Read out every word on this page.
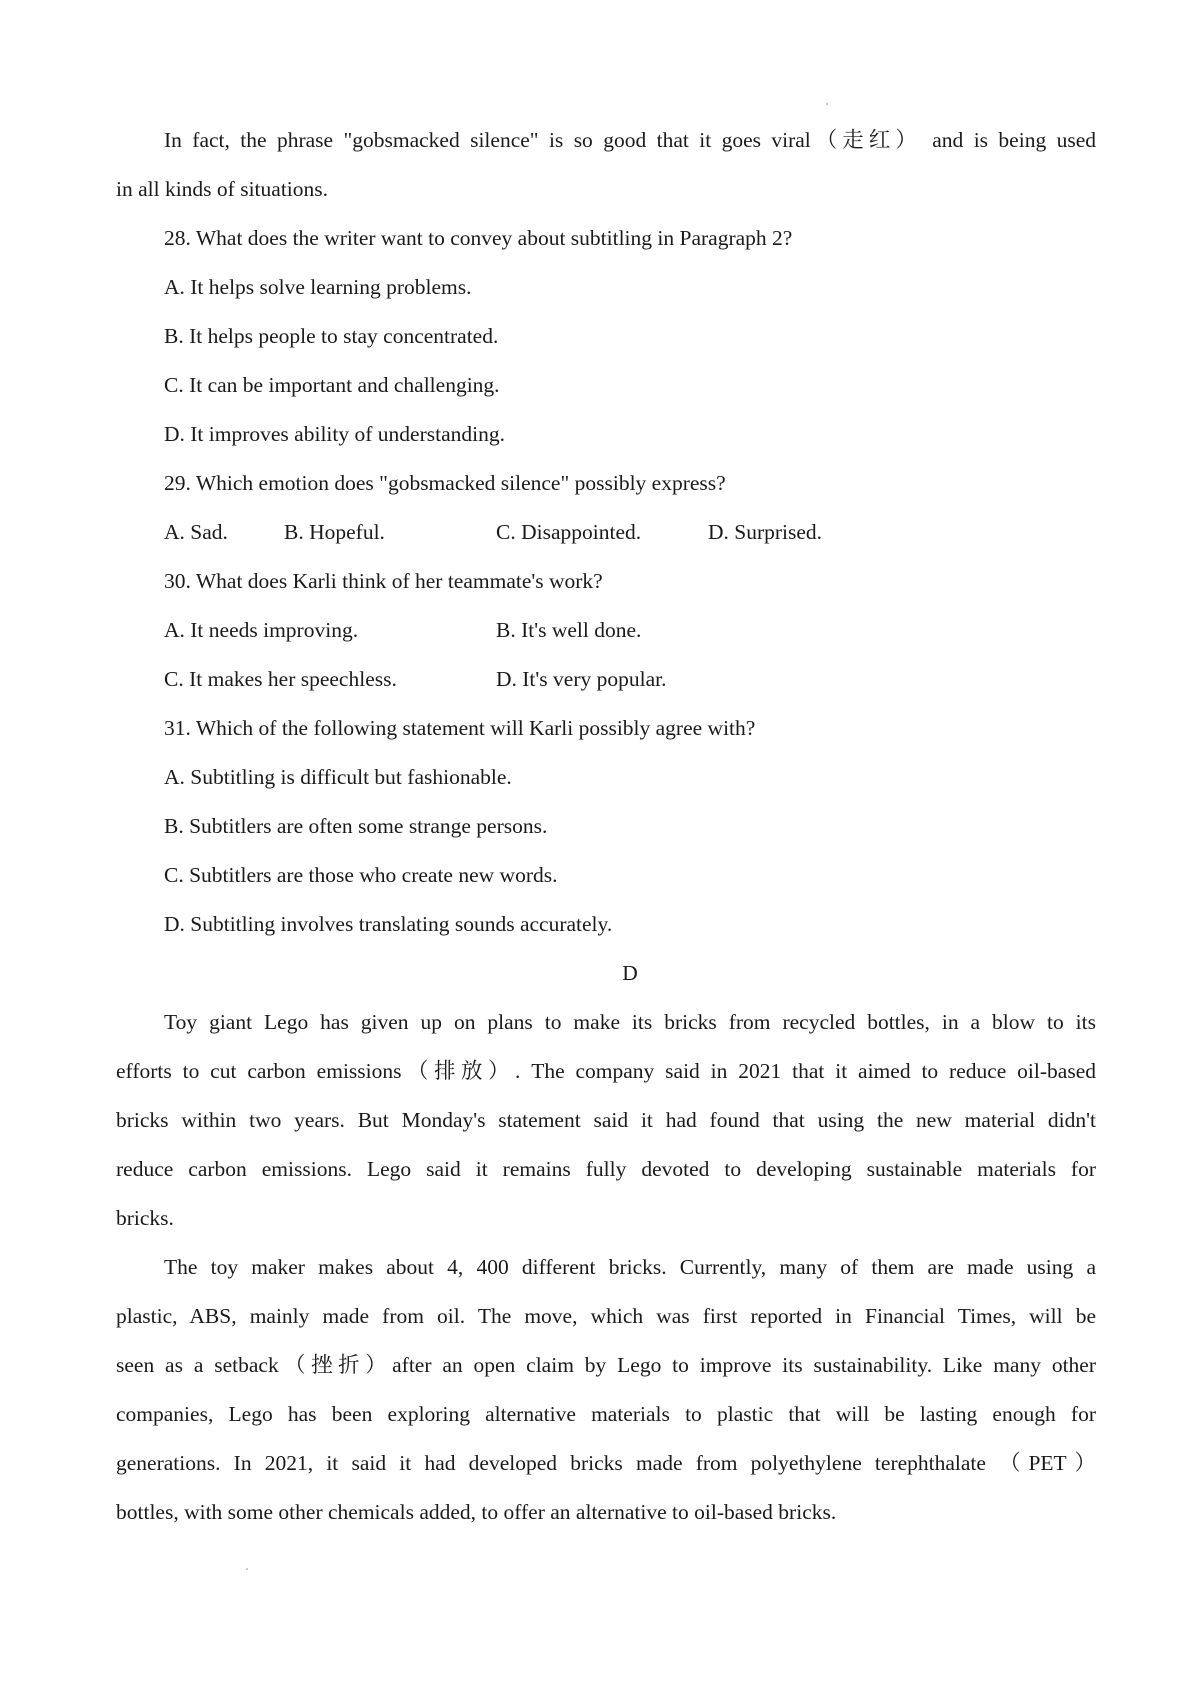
In fact, the phrase "gobsmacked silence" is so good that it goes viral（走红） and is being used
in all kinds of situations.
28. What does the writer want to convey about subtitling in Paragraph 2?
A. It helps solve learning problems.
B. It helps people to stay concentrated.
C. It can be important and challenging.
D. It improves ability of understanding.
29. Which emotion does "gobsmacked silence" possibly express?
A. Sad.	B. Hopeful.	C. Disappointed.	D. Surprised.
30. What does Karli think of her teammate's work?
A. It needs improving.	B. It's well done.
C. It makes her speechless.	D. It's very popular.
31. Which of the following statement will Karli possibly agree with?
A. Subtitling is difficult but fashionable.
B. Subtitlers are often some strange persons.
C. Subtitlers are those who create new words.
D. Subtitling involves translating sounds accurately.
D
Toy giant Lego has given up on plans to make its bricks from recycled bottles, in a blow to its
efforts to cut carbon emissions（排放）. The company said in 2021 that it aimed to reduce oil-based
bricks within two years. But Monday's statement said it had found that using the new material didn't
reduce carbon emissions. Lego said it remains fully devoted to developing sustainable materials for
bricks.
The toy maker makes about 4, 400 different bricks. Currently, many of them are made using a
plastic, ABS, mainly made from oil. The move, which was first reported in Financial Times, will be
seen as a setback（挫折）after an open claim by Lego to improve its sustainability. Like many other
companies, Lego has been exploring alternative materials to plastic that will be lasting enough for
generations. In 2021, it said it had developed bricks made from polyethylene terephthalate （PET）
bottles, with some other chemicals added, to offer an alternative to oil-based bricks.
